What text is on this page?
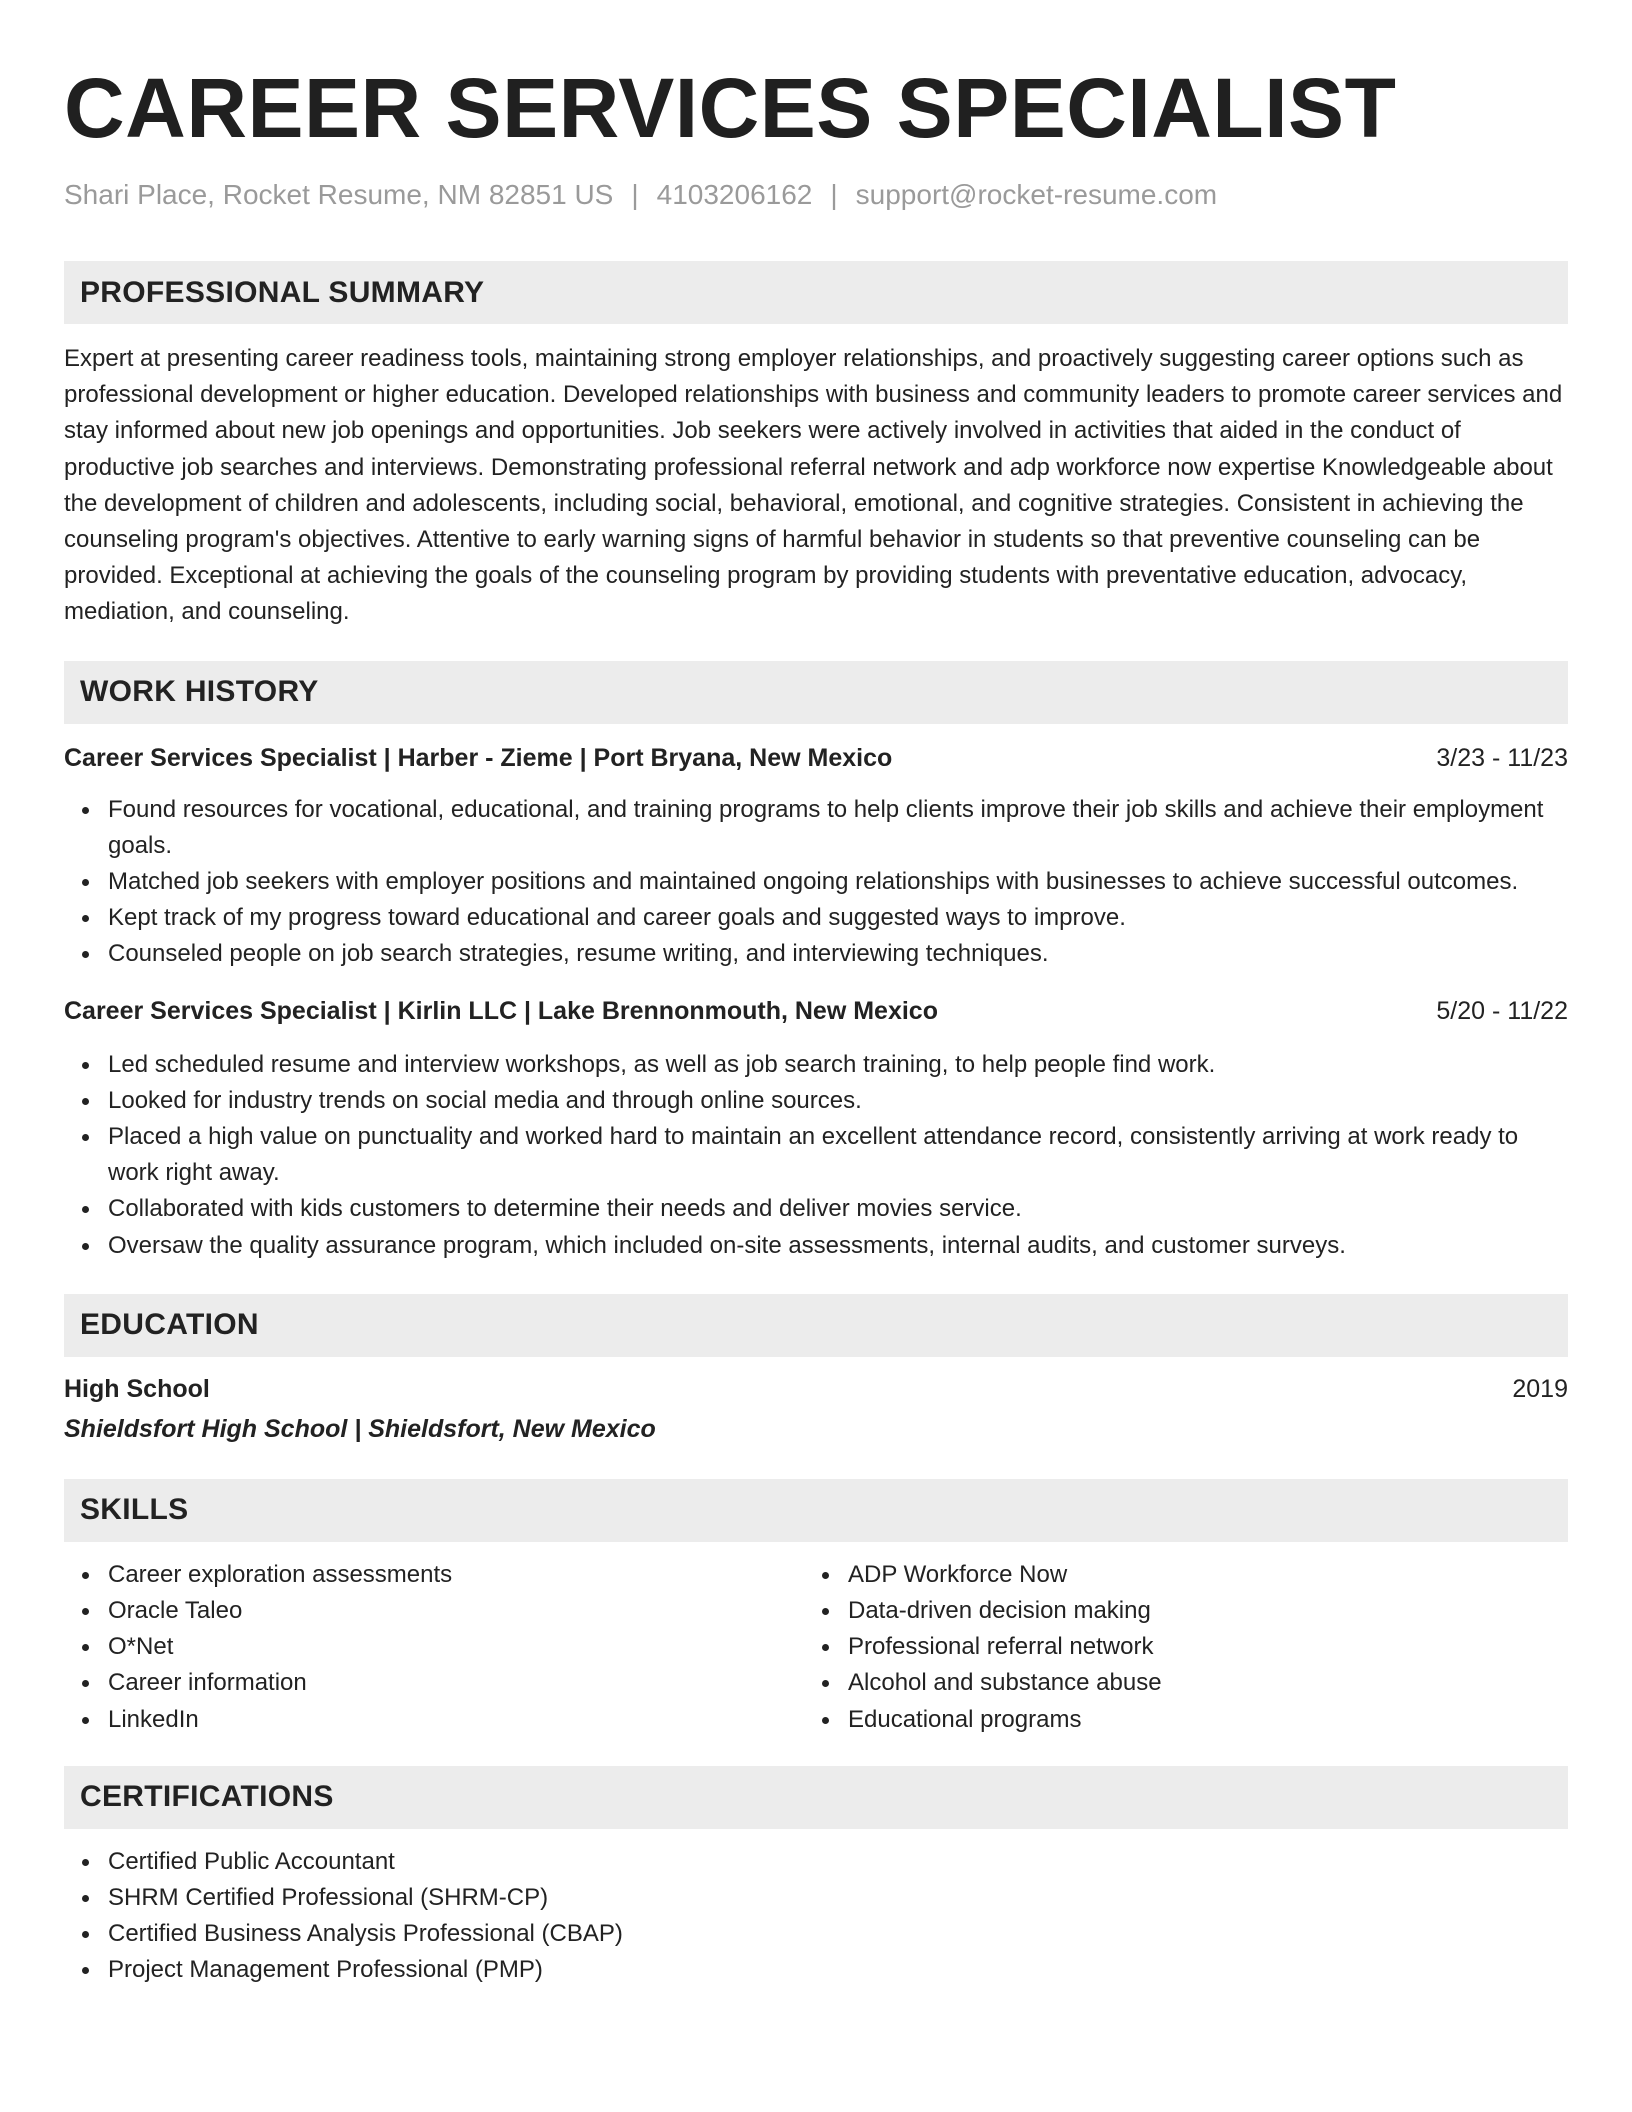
CAREER SERVICES SPECIALIST
Shari Place, Rocket Resume, NM 82851 US | 4103206162 | support@rocket-resume.com
PROFESSIONAL SUMMARY

Expert at presenting career readiness tools, maintaining strong employer relationships, and proactively suggesting career options such as professional development or higher education. Developed relationships with business and community leaders to promote career services and stay informed about new job openings and opportunities. Job seekers were actively involved in activities that aided in the conduct of productive job searches and interviews. Demonstrating professional referral network and adp workforce now expertise Knowledgeable about the development of children and adolescents, including social, behavioral, emotional, and cognitive strategies. Consistent in achieving the counseling program's objectives. Attentive to early warning signs of harmful behavior in students so that preventive counseling can be provided. Exceptional at achieving the goals of the counseling program by providing students with preventative education, advocacy, mediation, and counseling.

WORK HISTORY
Career Services Specialist | Harber - Zieme | Port Bryana, New Mexico	3/23 - 11/23
Found resources for vocational, educational, and training programs to help clients improve their job skills and achieve their employment goals.
Matched job seekers with employer positions and maintained ongoing relationships with businesses to achieve successful outcomes.
Kept track of my progress toward educational and career goals and suggested ways to improve.
Counseled people on job search strategies, resume writing, and interviewing techniques.
Career Services Specialist | Kirlin LLC | Lake Brennonmouth, New Mexico	5/20 - 11/22
Led scheduled resume and interview workshops, as well as job search training, to help people find work.
Looked for industry trends on social media and through online sources.
Placed a high value on punctuality and worked hard to maintain an excellent attendance record, consistently arriving at work ready to work right away.
Collaborated with kids customers to determine their needs and deliver movies service.
Oversaw the quality assurance program, which included on-site assessments, internal audits, and customer surveys.
EDUCATION
High School	2019
Shieldsfort High School | Shieldsfort, New Mexico
SKILLS
Career exploration assessments
Oracle Taleo
O*Net
Career information
LinkedIn
ADP Workforce Now
Data-driven decision making
Professional referral network
Alcohol and substance abuse
Educational programs
CERTIFICATIONS
Certified Public Accountant
SHRM Certified Professional (SHRM-CP)
Certified Business Analysis Professional (CBAP)
Project Management Professional (PMP)
